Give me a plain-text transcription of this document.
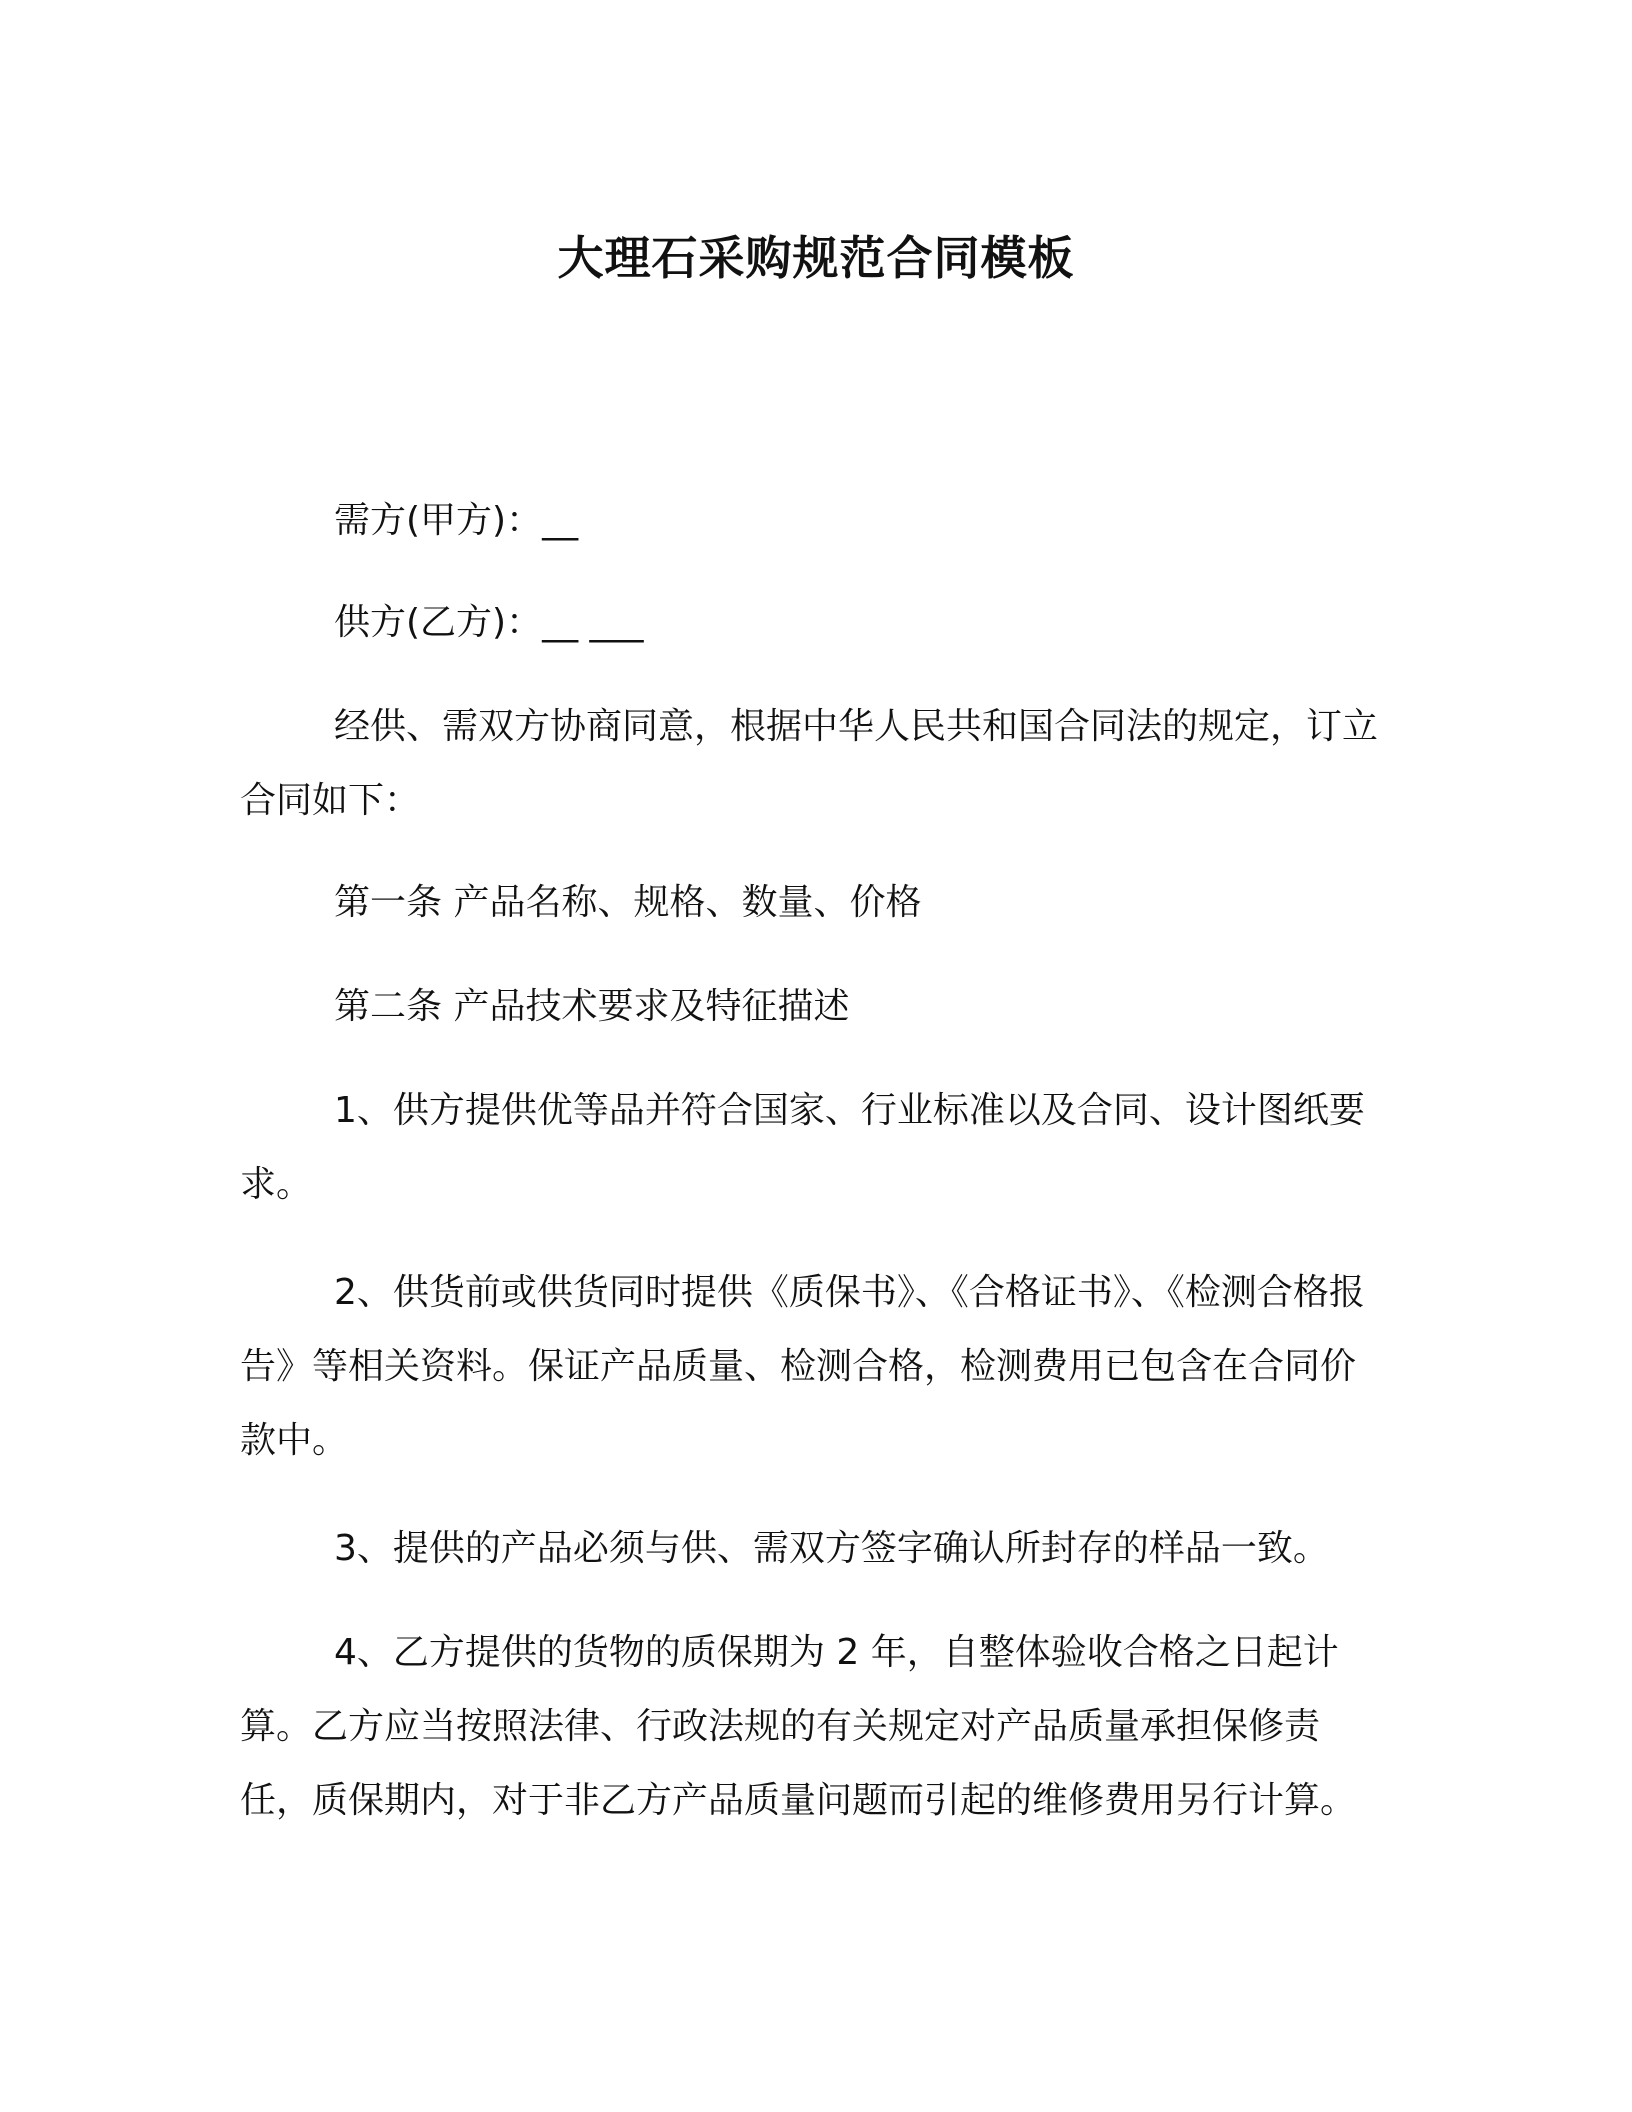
大理石采购规范合同模板

需方(甲方)：__

供方(乙方)：__ ___

经供、需双方协商同意，根据中华人民共和国合同法的规定，订立合同如下：

第一条 产品名称、规格、数量、价格

第二条 产品技术要求及特征描述

1、供方提供优等品并符合国家、行业标准以及合同、设计图纸要求。

2、供货前或供货同时提供《质保书》、《合格证书》、《检测合格报告》等相关资料。保证产品质量、检测合格，检测费用已包含在合同价款中。

3、提供的产品必须与供、需双方签字确认所封存的样品一致。

4、乙方提供的货物的质保期为 2 年，自整体验收合格之日起计算。乙方应当按照法律、行政法规的有关规定对产品质量承担保修责任，质保期内，对于非乙方产品质量问题而引起的维修费用另行计算。
